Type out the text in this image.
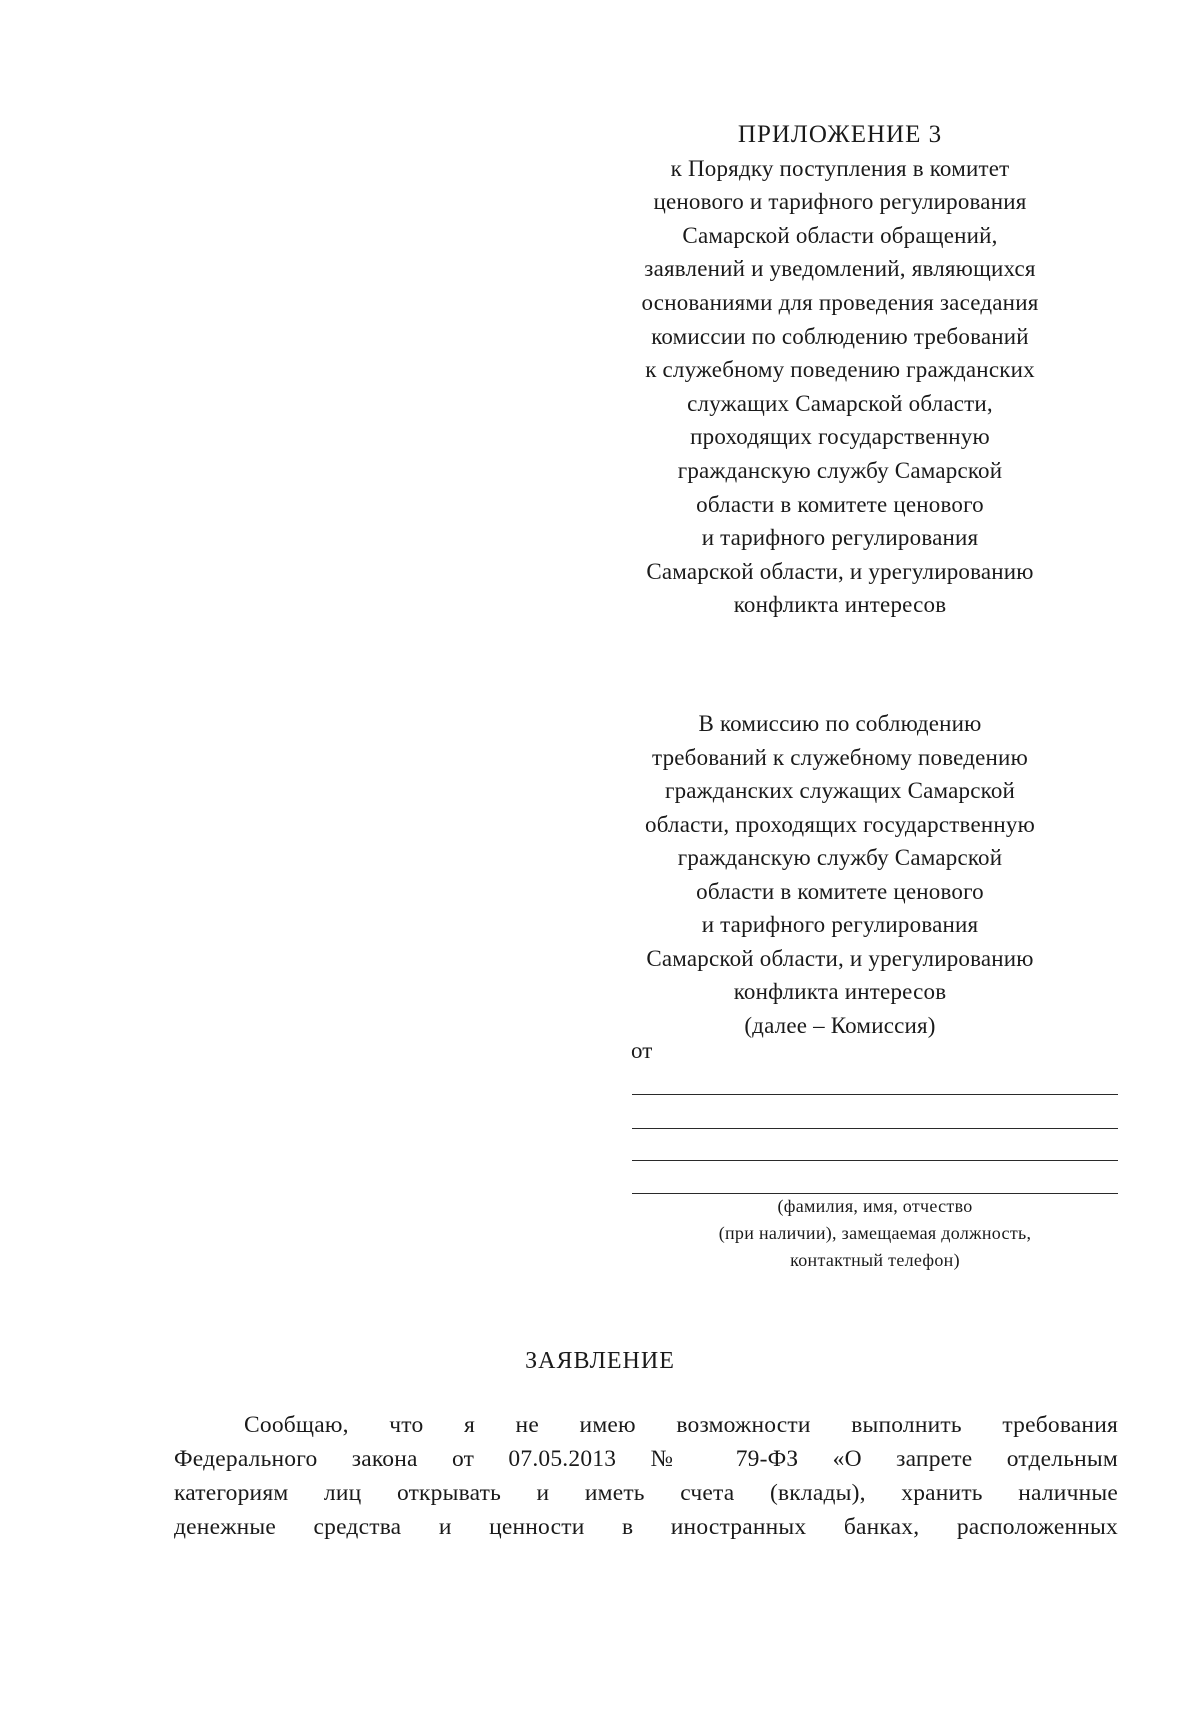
ПРИЛОЖЕНИЕ 3
к Порядку поступления в комитет
ценового и тарифного регулирования
Самарской области обращений,
заявлений и уведомлений, являющихся
основаниями для проведения заседания
комиссии по соблюдению требований
к служебному поведению гражданских
служащих Самарской области,
проходящих государственную
гражданскую службу Самарской
области в комитете ценового
и тарифного регулирования
Самарской области, и урегулированию
конфликта интересов
В комиссию по соблюдению
требований к служебному поведению
гражданских служащих Самарской
области, проходящих государственную
гражданскую службу Самарской
области в комитете ценового
и тарифного регулирования
Самарской области, и урегулированию
конфликта интересов
(далее – Комиссия)
от
(фамилия, имя, отчество
(при наличии), замещаемая должность,
контактный телефон)
ЗАЯВЛЕНИЕ
Сообщаю, что я не имею возможности выполнить требования
Федерального закона от 07.05.2013 № 79-ФЗ «О запрете отдельным
категориям лиц открывать и иметь счета (вклады), хранить наличные
денежные средства и ценности в иностранных банках, расположенных
